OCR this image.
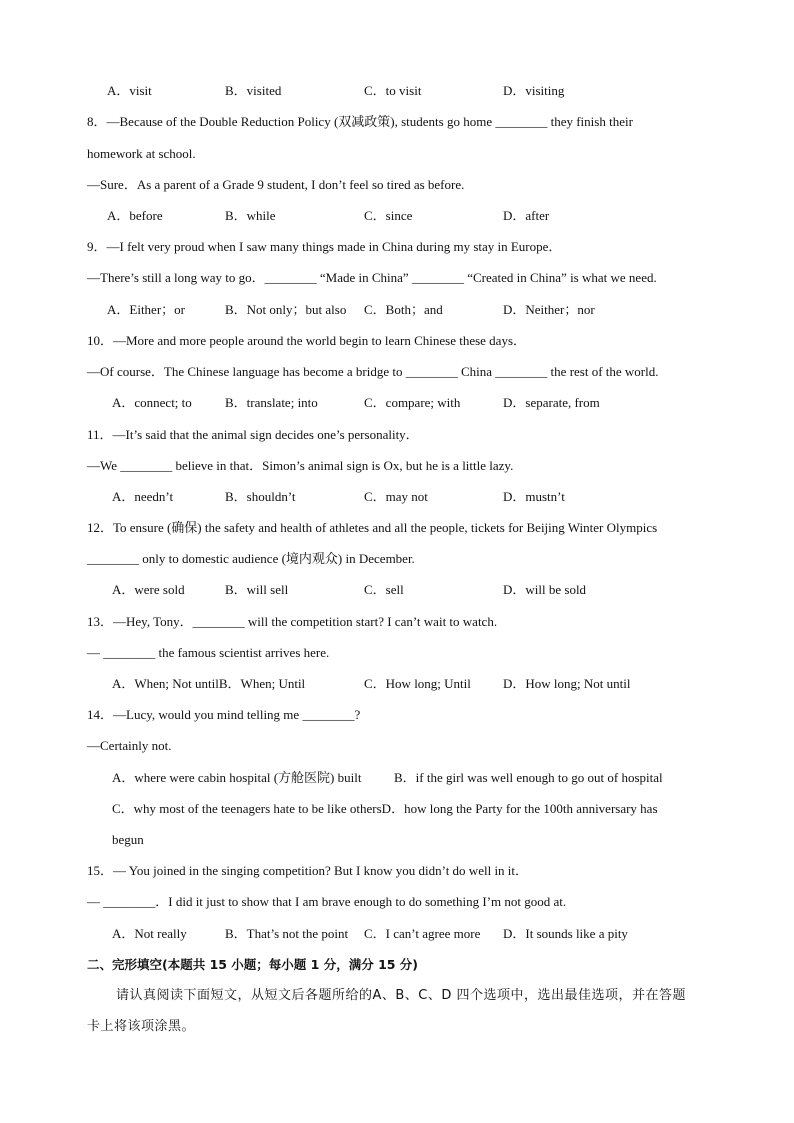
A．visit	B．visited	C．to visit	D．visiting
8．—Because of the Double Reduction Policy (双减政策), students go home ________ they finish their
homework at school.
—Sure．As a parent of a Grade 9 student, I don’t feel so tired as before.
A．before	B．while	C．since	D．after
9．—I felt very proud when I saw many things made in China during my stay in Europe．
—There’s still a long way to go．________ “Made in China” ________ “Created in China” is what we need.
A．Either；or	B．Not only；but also C．Both；and	D．Neither；nor
10．—More and more people around the world begin to learn Chinese these days．
—Of course．The Chinese language has become a bridge to ________ China ________ the rest of the world.
A．connect; to	B．translate; into	C．compare; with	D．separate, from
11．—It’s said that the animal sign decides one’s personality．
—We ________ believe in that．Simon’s animal sign is Ox, but he is a little lazy.
A．needn’t	B．shouldn’t	C．may not	D．mustn’t
12．To ensure (确保) the safety and health of athletes and all the people, tickets for Beijing Winter Olympics
________ only to domestic audience (境内观众) in December.
A．were sold	B．will sell	C．sell	D．will be sold
13．—Hey, Tony．________ will the competition start? I can’t wait to watch.
— ________ the famous scientist arrives here.
A．When; Not untilB．When; Until	C．How long; Until D．How long; Not until
14．—Lucy, would you mind telling me ________?
—Certainly not.
A．where were cabin hospital (方舱医院) built	B．if the girl was well enough to go out of hospital
C．why most of the teenagers hate to be like othersD．how long the Party for the 100th anniversary has
begun
15．— You joined in the singing competition? But I know you didn’t do well in it．
— ________．I did it just to show that I am brave enough to do something I’m not good at.
A．Not really	B．That’s not the point C．I can’t agree more D．It sounds like a pity
二、完形填空(本题共 15 小题；每小题 1 分，满分 15 分)
请认真阅读下面短文，从短文后各题所给的A、B、C、D 四个选项中，选出最佳选项，并在答题
卡上将该项涂黑。
